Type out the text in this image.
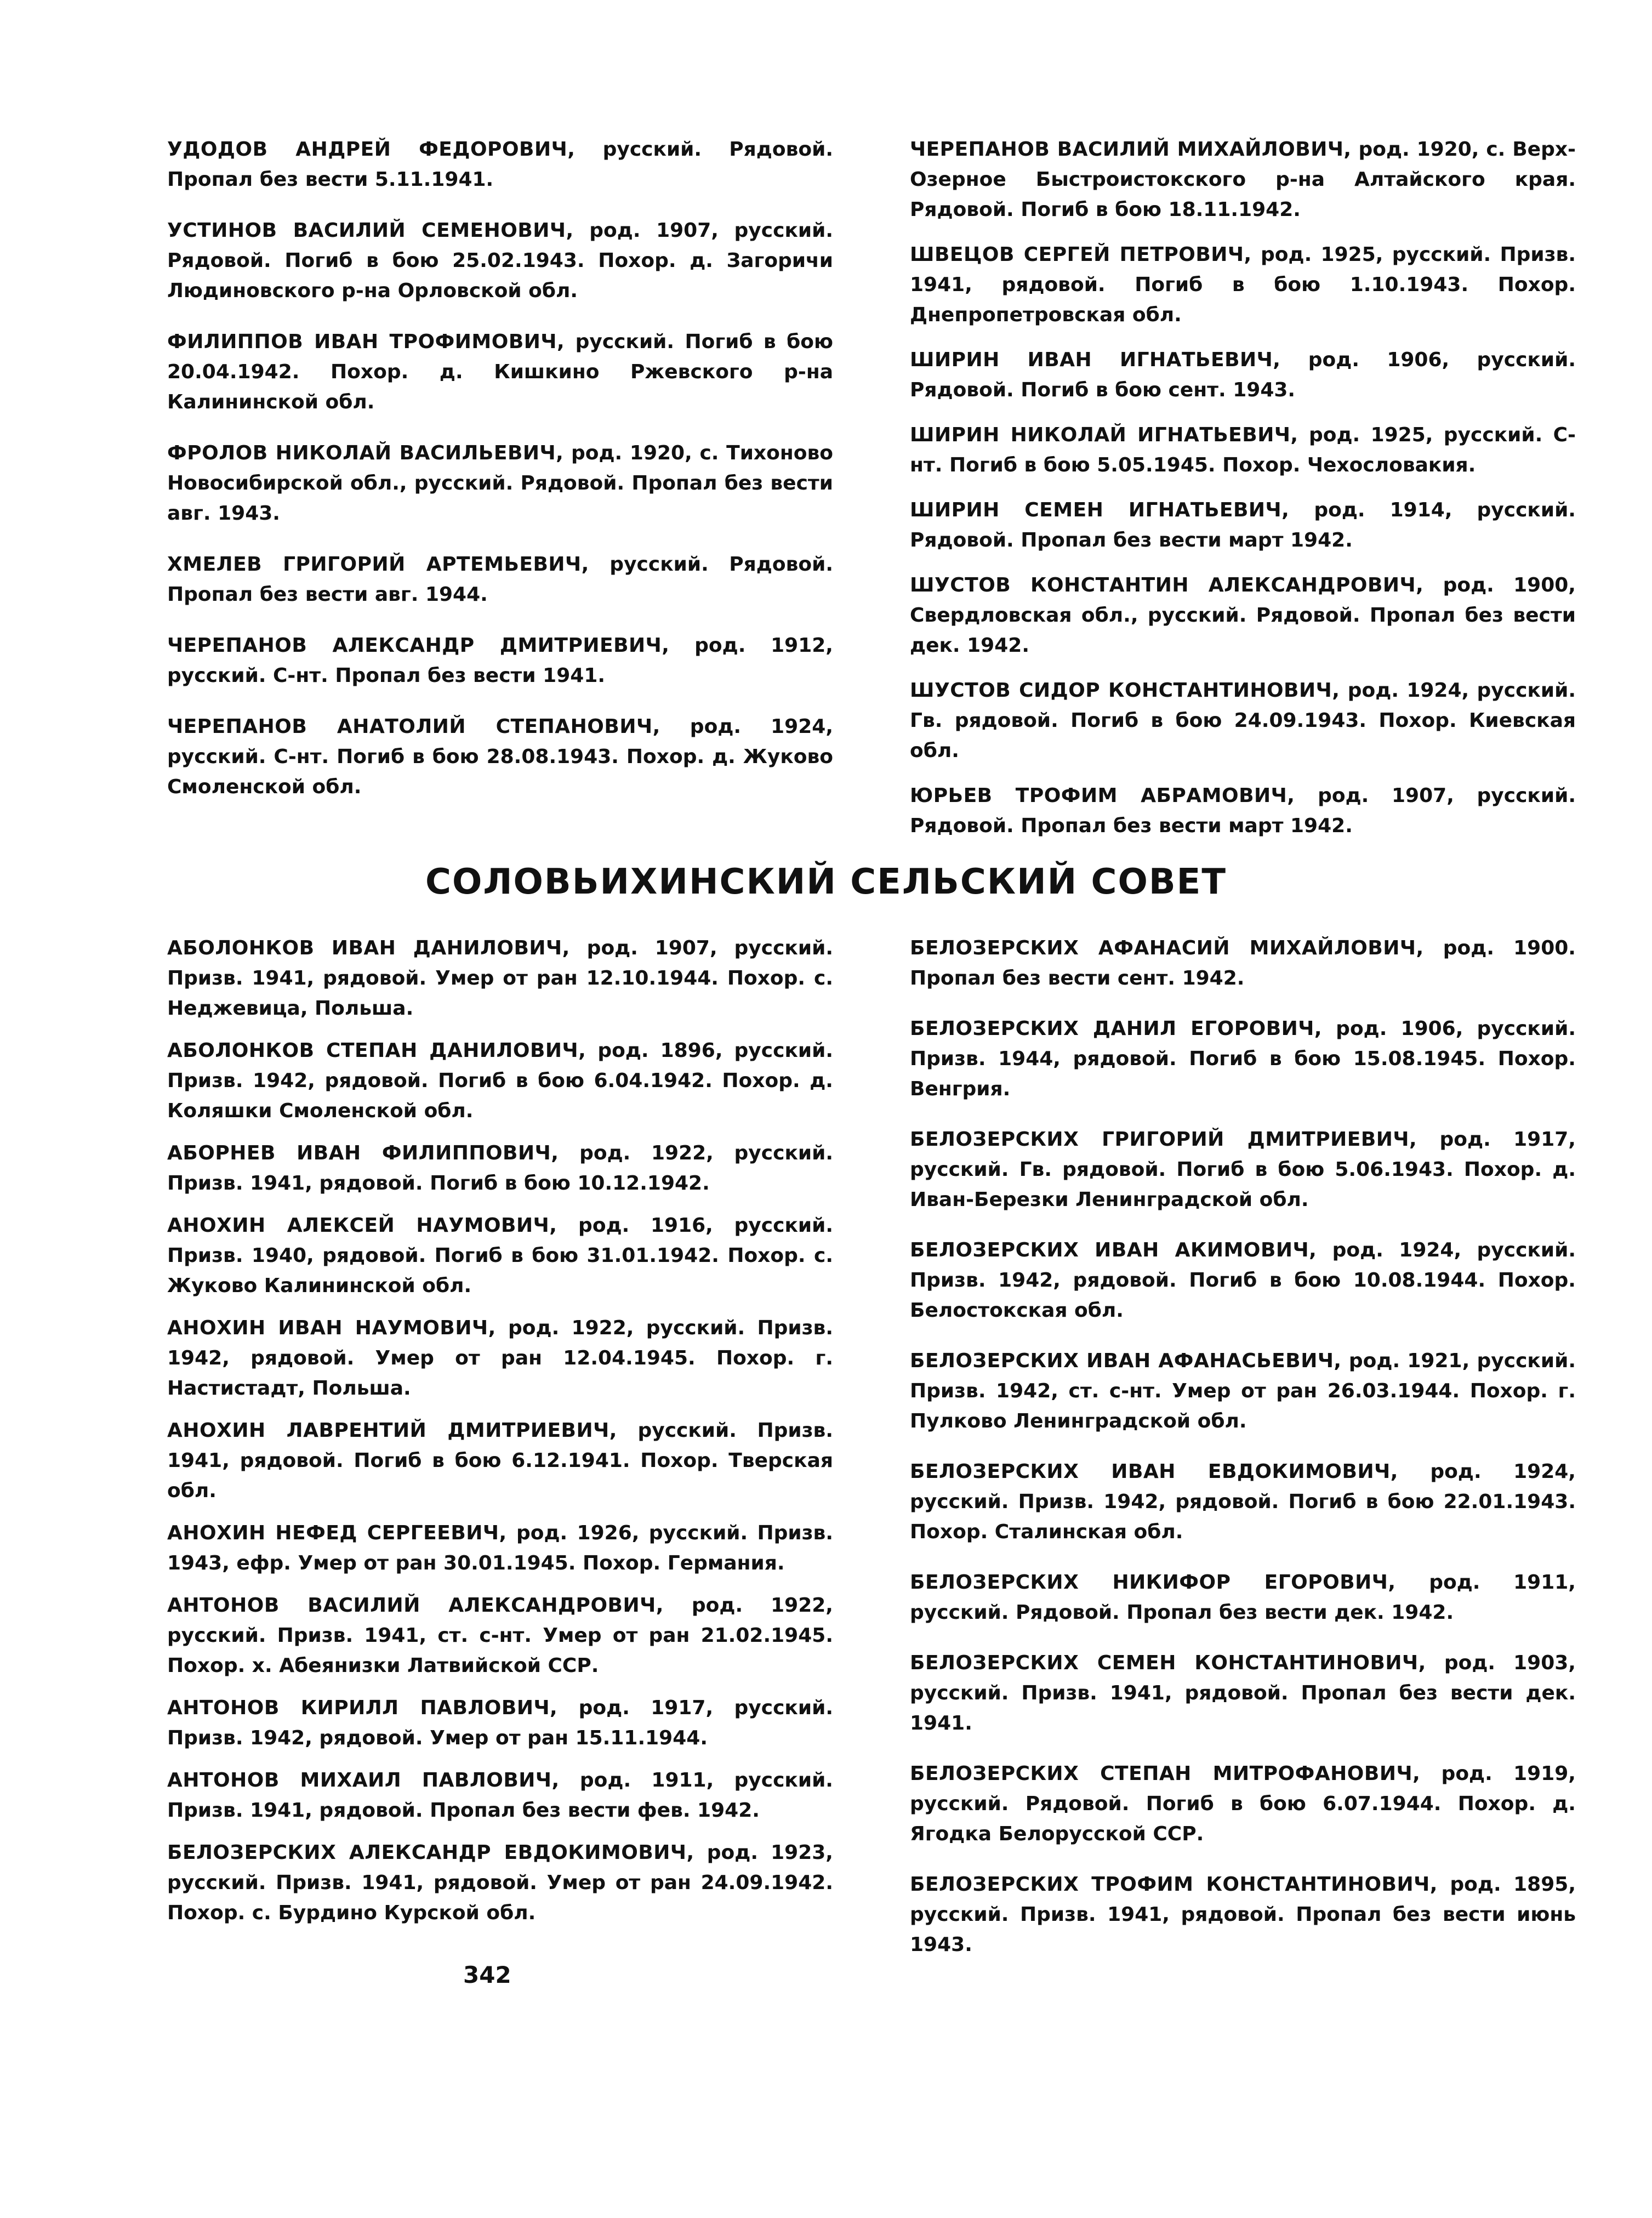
УДОДОВ АНДРЕЙ ФЕДОРОВИЧ, русский. Рядовой. Пропал без вести 5.11.1941.

УСТИНОВ ВАСИЛИЙ СЕМЕНОВИЧ, род. 1907, русский. Рядовой. Погиб в бою 25.02.1943. Похор. д. Загоричи Людиновского р-на Орловской обл.

ФИЛИППОВ ИВАН ТРОФИМОВИЧ, русский. Погиб в бою 20.04.1942. Похор. д. Кишкино Ржевского р-на Калининской обл.

ФРОЛОВ НИКОЛАЙ ВАСИЛЬЕВИЧ, род. 1920, с. Тихоново Новосибирской обл., русский. Рядовой. Пропал без вести авг. 1943.

ХМЕЛЕВ ГРИГОРИЙ АРТЕМЬЕВИЧ, русский. Рядовой. Пропал без вести авг. 1944.

ЧЕРЕПАНОВ АЛЕКСАНДР ДМИТРИЕВИЧ, род. 1912, русский. С-нт. Пропал без вести 1941.

ЧЕРЕПАНОВ АНАТОЛИЙ СТЕПАНОВИЧ, род. 1924, русский. С-нт. Погиб в бою 28.08.1943. Похор. д. Жуково Смоленской обл.

ЧЕРЕПАНОВ ВАСИЛИЙ МИХАЙЛОВИЧ, род. 1920, с. Верх-Озерное Быстроистокского р-на Алтайского края. Рядовой. Погиб в бою 18.11.1942.

ШВЕЦОВ СЕРГЕЙ ПЕТРОВИЧ, род. 1925, русский. Призв. 1941, рядовой. Погиб в бою 1.10.1943. Похор. Днепропетровская обл.

ШИРИН ИВАН ИГНАТЬЕВИЧ, род. 1906, русский. Рядовой. Погиб в бою сент. 1943.

ШИРИН НИКОЛАЙ ИГНАТЬЕВИЧ, род. 1925, русский. С-нт. Погиб в бою 5.05.1945. Похор. Чехословакия.

ШИРИН СЕМЕН ИГНАТЬЕВИЧ, род. 1914, русский. Рядовой. Пропал без вести март 1942.

ШУСТОВ КОНСТАНТИН АЛЕКСАНДРОВИЧ, род. 1900, Свердловская обл., русский. Рядовой. Пропал без вести дек. 1942.

ШУСТОВ СИДОР КОНСТАНТИНОВИЧ, род. 1924, русский. Гв. рядовой. Погиб в бою 24.09.1943. Похор. Киевская обл.

ЮРЬЕВ ТРОФИМ АБРАМОВИЧ, род. 1907, русский. Рядовой. Пропал без вести март 1942.

СОЛОВЬИХИНСКИЙ СЕЛЬСКИЙ СОВЕТ

АБОЛОНКОВ ИВАН ДАНИЛОВИЧ, род. 1907, русский. Призв. 1941, рядовой. Умер от ран 12.10.1944. Похор. с. Неджевица, Польша.

АБОЛОНКОВ СТЕПАН ДАНИЛОВИЧ, род. 1896, русский. Призв. 1942, рядовой. Погиб в бою 6.04.1942. Похор. д. Коляшки Смоленской обл.

АБОРНЕВ ИВАН ФИЛИППОВИЧ, род. 1922, русский. Призв. 1941, рядовой. Погиб в бою 10.12.1942.

АНОХИН АЛЕКСЕЙ НАУМОВИЧ, род. 1916, русский. Призв. 1940, рядовой. Погиб в бою 31.01.1942. Похор. с. Жуково Калининской обл.

АНОХИН ИВАН НАУМОВИЧ, род. 1922, русский. Призв. 1942, рядовой. Умер от ран 12.04.1945. Похор. г. Настистадт, Польша.

АНОХИН ЛАВРЕНТИЙ ДМИТРИЕВИЧ, русский. Призв. 1941, рядовой. Погиб в бою 6.12.1941. Похор. Тверская обл.

АНОХИН НЕФЕД СЕРГЕЕВИЧ, род. 1926, русский. Призв. 1943, ефр. Умер от ран 30.01.1945. Похор. Германия.

АНТОНОВ ВАСИЛИЙ АЛЕКСАНДРОВИЧ, род. 1922, русский. Призв. 1941, ст. с-нт. Умер от ран 21.02.1945. Похор. х. Абеянизки Латвийской ССР.

АНТОНОВ КИРИЛЛ ПАВЛОВИЧ, род. 1917, русский. Призв. 1942, рядовой. Умер от ран 15.11.1944.

АНТОНОВ МИХАИЛ ПАВЛОВИЧ, род. 1911, русский. Призв. 1941, рядовой. Пропал без вести фев. 1942.

БЕЛОЗЕРСКИХ АЛЕКСАНДР ЕВДОКИМОВИЧ, род. 1923, русский. Призв. 1941, рядовой. Умер от ран 24.09.1942. Похор. с. Бурдино Курской обл.

БЕЛОЗЕРСКИХ АФАНАСИЙ МИХАЙЛОВИЧ, род. 1900. Пропал без вести сент. 1942.

БЕЛОЗЕРСКИХ ДАНИЛ ЕГОРОВИЧ, род. 1906, русский. Призв. 1944, рядовой. Погиб в бою 15.08.1945. Похор. Венгрия.

БЕЛОЗЕРСКИХ ГРИГОРИЙ ДМИТРИЕВИЧ, род. 1917, русский. Гв. рядовой. Погиб в бою 5.06.1943. Похор. д. Иван-Березки Ленинградской обл.

БЕЛОЗЕРСКИХ ИВАН АКИМОВИЧ, род. 1924, русский. Призв. 1942, рядовой. Погиб в бою 10.08.1944. Похор. Белостокская обл.

БЕЛОЗЕРСКИХ ИВАН АФАНАСЬЕВИЧ, род. 1921, русский. Призв. 1942, ст. с-нт. Умер от ран 26.03.1944. Похор. г. Пулково Ленинградской обл.

БЕЛОЗЕРСКИХ ИВАН ЕВДОКИМОВИЧ, род. 1924, русский. Призв. 1942, рядовой. Погиб в бою 22.01.1943. Похор. Сталинская обл.

БЕЛОЗЕРСКИХ НИКИФОР ЕГОРОВИЧ, род. 1911, русский. Рядовой. Пропал без вести дек. 1942.

БЕЛОЗЕРСКИХ СЕМЕН КОНСТАНТИНОВИЧ, род. 1903, русский. Призв. 1941, рядовой. Пропал без вести дек. 1941.

БЕЛОЗЕРСКИХ СТЕПАН МИТРОФАНОВИЧ, род. 1919, русский. Рядовой. Погиб в бою 6.07.1944. Похор. д. Ягодка Белорусской ССР.

БЕЛОЗЕРСКИХ ТРОФИМ КОНСТАНТИНОВИЧ, род. 1895, русский. Призв. 1941, рядовой. Пропал без вести июнь 1943.

342
